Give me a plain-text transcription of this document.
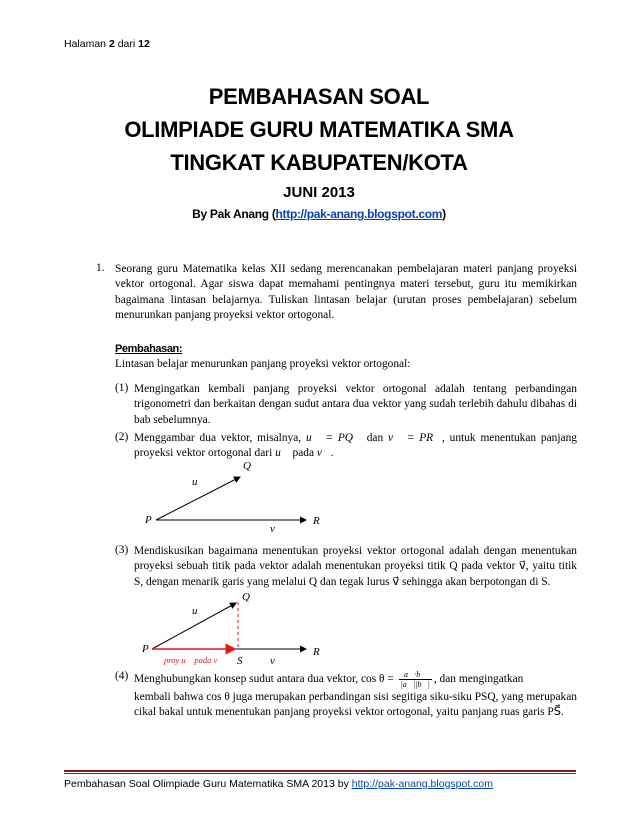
Halaman 2 dari 12
PEMBAHASAN SOAL
OLIMPIADE GURU MATEMATIKA SMA
TINGKAT KABUPATEN/KOTA
JUNI 2013
By Pak Anang (http://pak-anang.blogspot.com)
1. Seorang guru Matematika kelas XII sedang merencanakan pembelajaran materi panjang proyeksi vektor ortogonal. Agar siswa dapat memahami pentingnya materi tersebut, guru itu memikirkan bagaimana lintasan belajarnya. Tuliskan lintasan belajar (urutan proses pembelajaran) sebelum menurunkan panjang proyeksi vektor ortogonal.
Pembahasan:
Lintasan belajar menurunkan panjang proyeksi vektor ortogonal:
(1) Mengingatkan kembali panjang proyeksi vektor ortogonal adalah tentang perbandingan trigonometri dan berkaitan dengan sudut antara dua vektor yang sudah terlebih dahulu dibahas di bab sebelumnya.
(2) Menggambar dua vektor, misalnya, u⃗ = PQ⃗ dan v⃗ = PR⃗, untuk menentukan panjang proyeksi vektor ortogonal dari u⃗ pada v⃗.
P
Q
R
u⃗
v⃗
(3) Mendiskusikan bagaimana menentukan proyeksi vektor ortogonal adalah dengan menentukan proyeksi sebuah titik pada vektor adalah menentukan proyeksi titik Q pada vektor v⃗, yaitu titik S, dengan menarik garis yang melalui Q dan tegak lurus v⃗ sehingga akan berpotongan di S.
P
Q
R
S
u⃗
v⃗
proy u⃗ pada v⃗
(4) Menghubungkan konsep sudut antara dua vektor, $\cos \theta = \frac{a⃗\cdot b⃗}{|a⃗||b⃗|}$ , dan mengingatkan
kembali bahwa cos θ juga merupakan perbandingan sisi segitiga siku-siku PSQ, yang merupakan cikal bakal untuk menentukan panjang proyeksi vektor ortogonal, yaitu panjang ruas garis PS⃗.
Pembahasan Soal Olimpiade Guru Matematika SMA 2013 by http://pak-anang.blogspot.com
